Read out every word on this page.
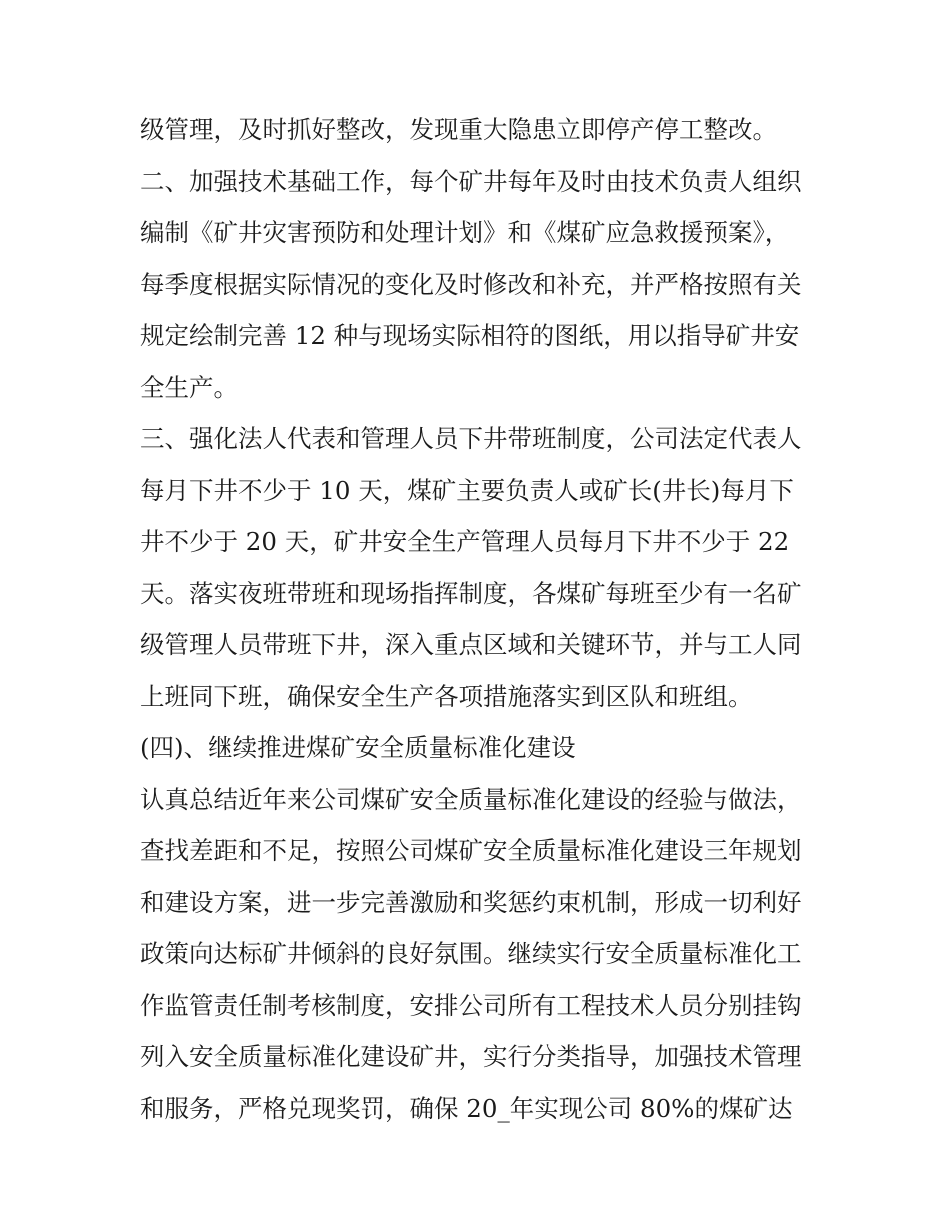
级管理，及时抓好整改，发现重大隐患立即停产停工整改。
二、加强技术基础工作，每个矿井每年及时由技术负责人组织
编制《矿井灾害预防和处理计划》和《煤矿应急救援预案》，
每季度根据实际情况的变化及时修改和补充，并严格按照有关
规定绘制完善 12 种与现场实际相符的图纸，用以指导矿井安
全生产。
三、强化法人代表和管理人员下井带班制度，公司法定代表人
每月下井不少于 10 天，煤矿主要负责人或矿长(井长)每月下
井不少于 20 天，矿井安全生产管理人员每月下井不少于 22
天。落实夜班带班和现场指挥制度，各煤矿每班至少有一名矿
级管理人员带班下井，深入重点区域和关键环节，并与工人同
上班同下班，确保安全生产各项措施落实到区队和班组。
(四)、继续推进煤矿安全质量标准化建设
认真总结近年来公司煤矿安全质量标准化建设的经验与做法，
查找差距和不足，按照公司煤矿安全质量标准化建设三年规划
和建设方案，进一步完善激励和奖惩约束机制，形成一切利好
政策向达标矿井倾斜的良好氛围。继续实行安全质量标准化工
作监管责任制考核制度，安排公司所有工程技术人员分别挂钩
列入安全质量标准化建设矿井，实行分类指导，加强技术管理
和服务，严格兑现奖罚，确保 20_年实现公司 80%的煤矿达
